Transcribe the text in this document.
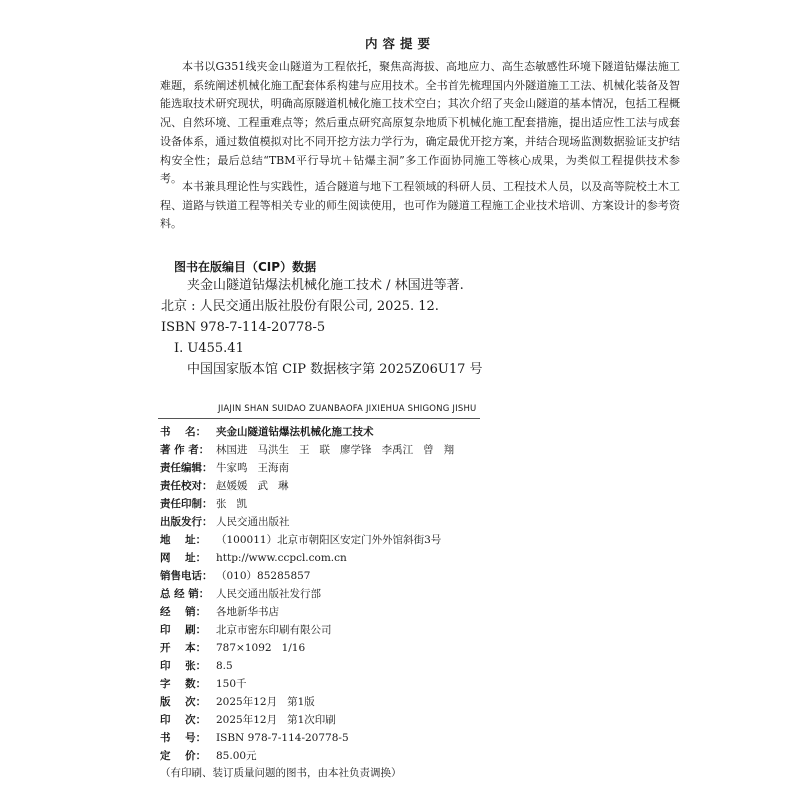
内容提要
本书以G351线夹金山隧道为工程依托，聚焦高海拔、高地应力、高生态敏感性环境下隧道钻爆法施工难题，系统阐述机械化施工配套体系构建与应用技术。全书首先梳理国内外隧道施工工法、机械化装备及智能选取技术研究现状，明确高原隧道机械化施工技术空白；其次介绍了夹金山隧道的基本情况，包括工程概况、自然环境、工程重难点等；然后重点研究高原复杂地质下机械化施工配套措施，提出适应性工法与成套设备体系，通过数值模拟对比不同开挖方法力学行为，确定最优开挖方案，并结合现场监测数据验证支护结构安全性；最后总结“TBM平行导坑＋钻爆主洞”多工作面协同施工等核心成果，为类似工程提供技术参考。
本书兼具理论性与实践性，适合隧道与地下工程领域的科研人员、工程技术人员，以及高等院校土木工程、道路与铁道工程等相关专业的师生阅读使用，也可作为隧道工程施工企业技术培训、方案设计的参考资料。
图书在版编目（CIP）数据
夹金山隧道钻爆法机械化施工技术 / 林国进等著.
北京 : 人民交通出版社股份有限公司, 2025. 12.
ISBN 978-7-114-20778-5
Ⅰ. U455.41
中国国家版本馆 CIP 数据核字第 2025Z06U17 号
JIAJIN SHAN SUIDAO ZUANBAOFA JIXIEHUA SHIGONG JISHU
书    名： 夹金山隧道钻爆法机械化施工技术
著 作 者： 林国进   马洪生   王   联   廖学锋   李禹江   曾   翔
责任编辑： 牛家鸣   王海南
责任校对： 赵媛媛   武   琳
责任印制： 张   凯
出版发行： 人民交通出版社
地    址： （100011）北京市朝阳区安定门外外馆斜街3号
网    址： http://www.ccpcl.com.cn
销售电话： （010）85285857
总 经 销： 人民交通出版社发行部
经    销： 各地新华书店
印    刷： 北京市密东印刷有限公司
开    本： 787×1092   1/16
印    张： 8.5
字    数： 150千
版    次： 2025年12月   第1版
印    次： 2025年12月   第1次印刷
书    号： ISBN 978-7-114-20778-5
定    价： 85.00元
（有印刷、装订质量问题的图书，由本社负责调换）
